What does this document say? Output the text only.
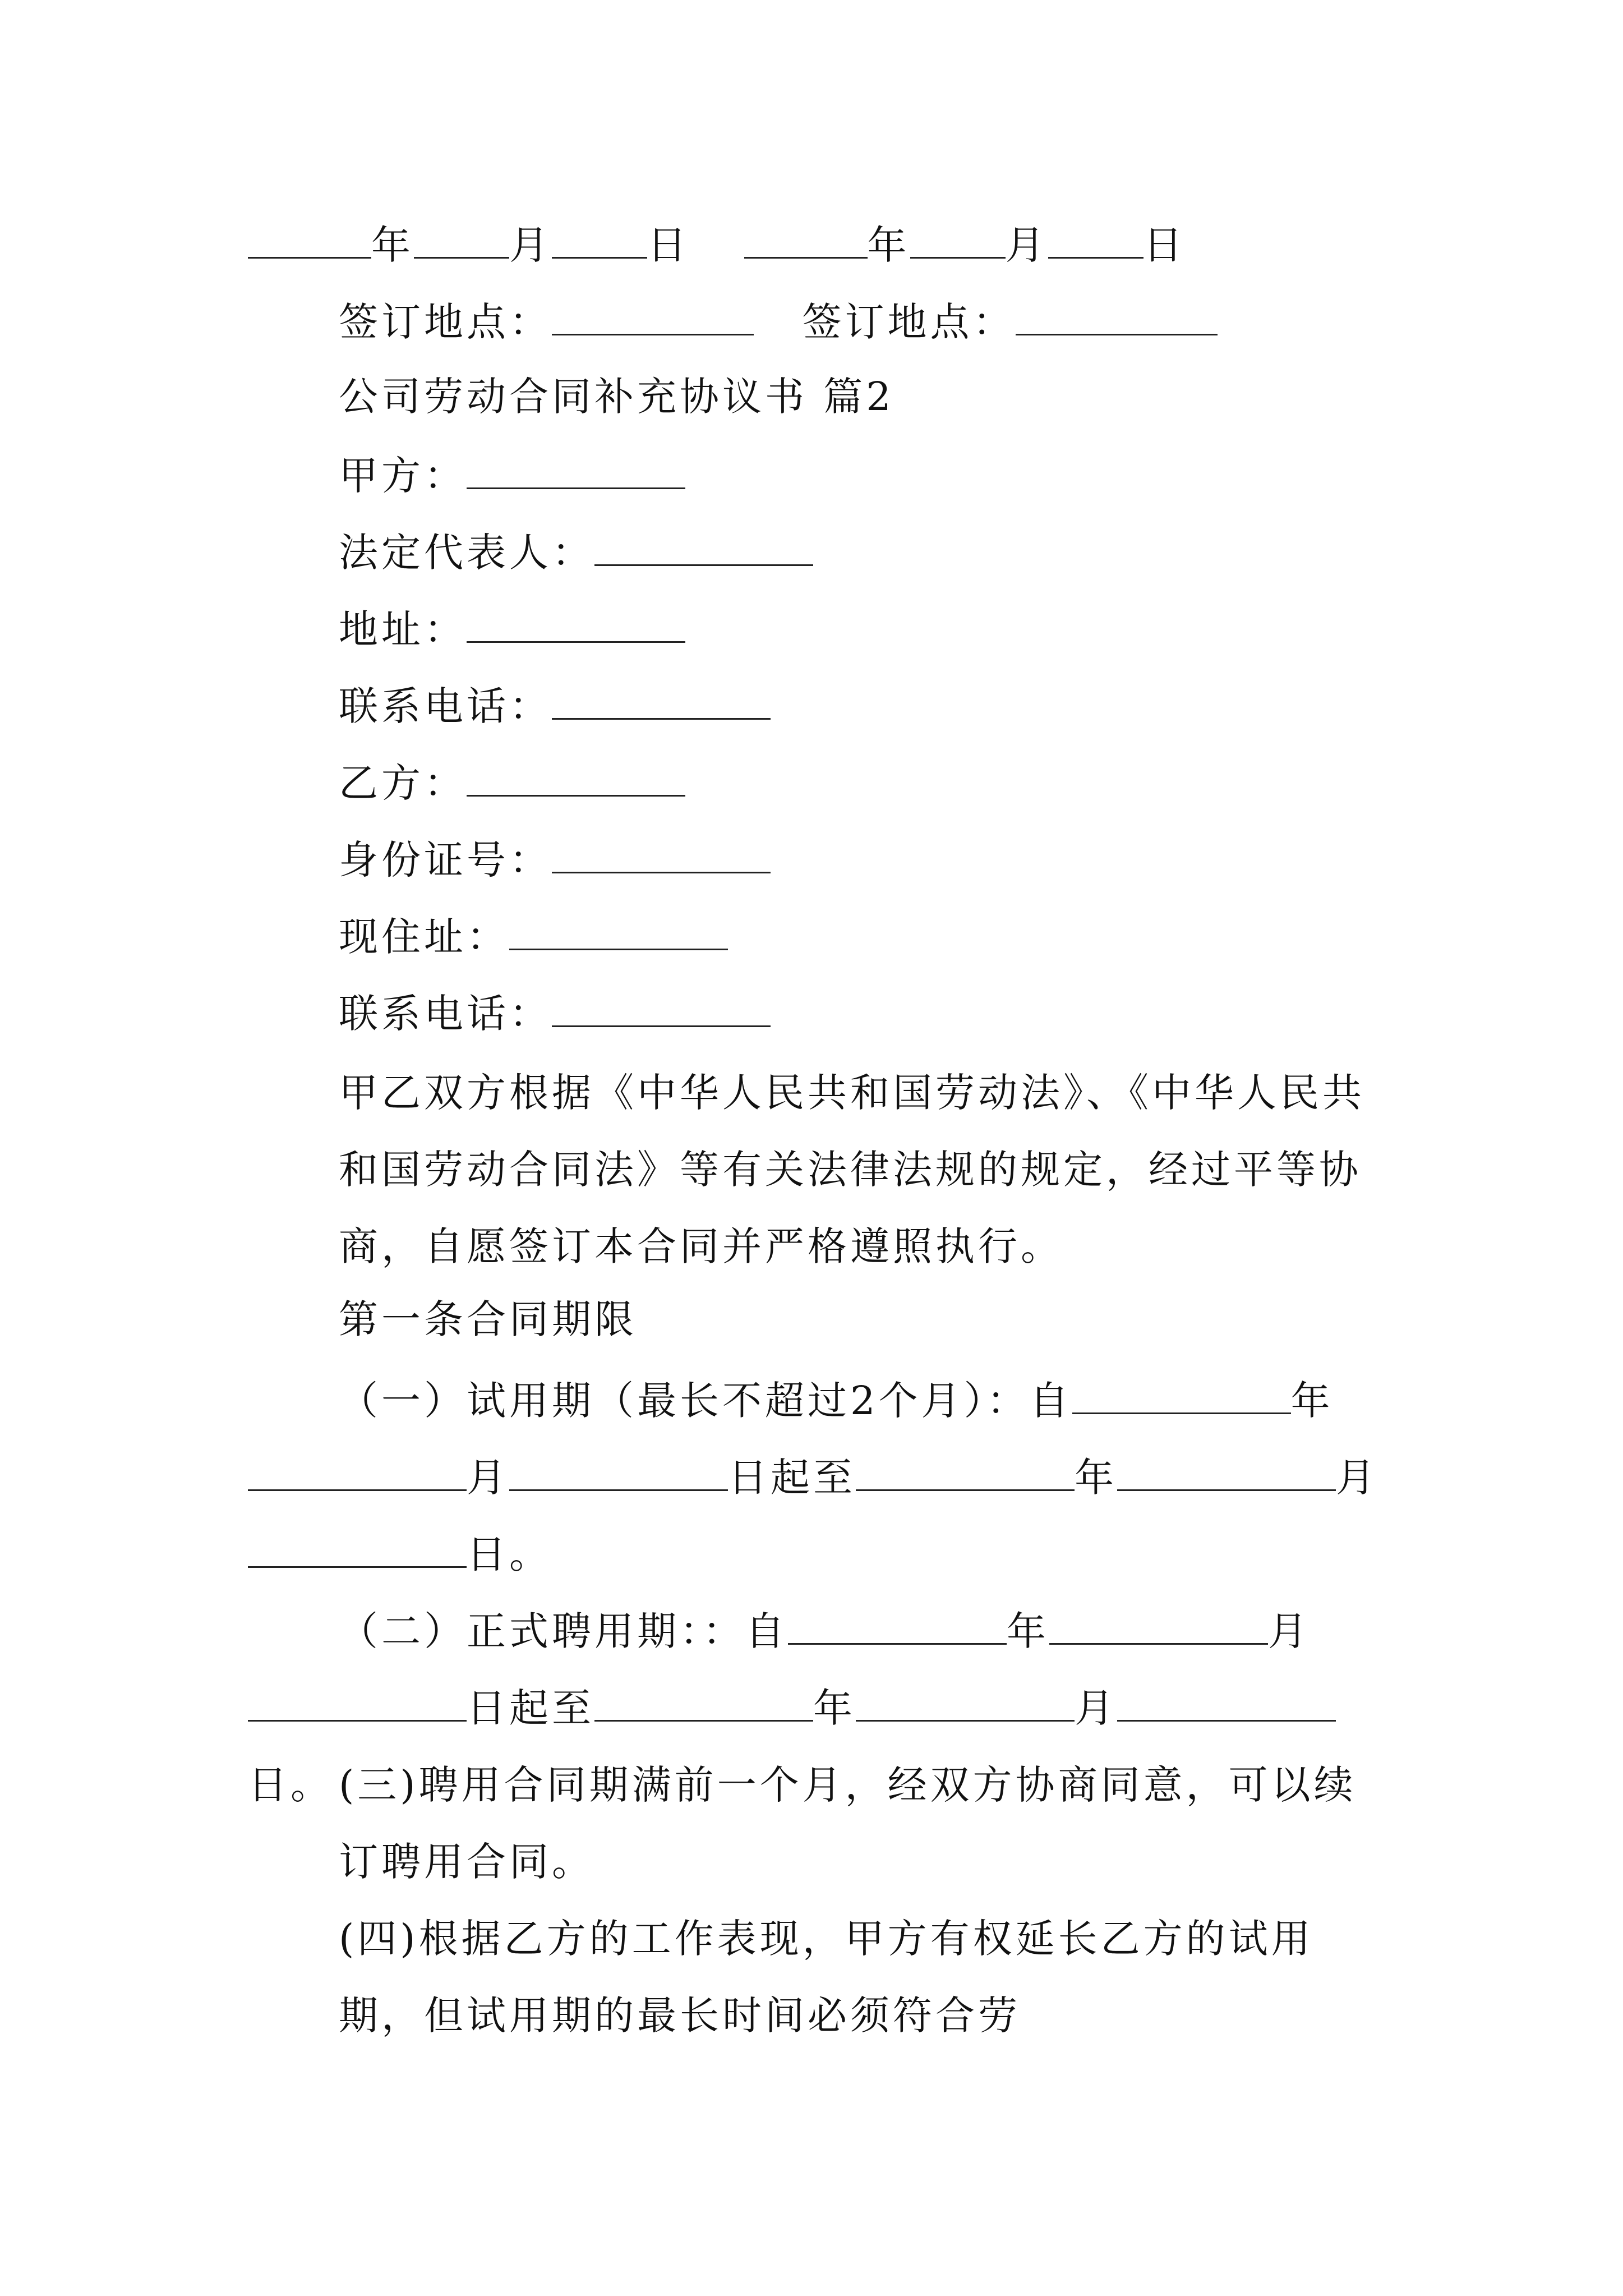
年 月 日	年 月 日
签订地点：	签订地点：
公司劳动合同补充协议书 篇2
甲方：
法定代表人：
地址：
联系电话：
乙方：
身份证号：
现住址：
联系电话：
甲乙双方根据《中华人民共和国劳动法》、《中华人民共和国劳动合同法》等有关法律法规的规定，经过平等协商，自愿签订本合同并严格遵照执行。
第一条合同期限
（一）试用期（最长不超过2个月）：自	年
月	日起至	年	月
日。
（二）正式聘用期：：自	年	月
日起至	年	月日。 (三)聘用合同期满前一个月，经双方协商同意，可以续订聘用合同。
(四)根据乙方的工作表现，甲方有权延长乙方的试用期，但试用期的最长时间必须符合劳
